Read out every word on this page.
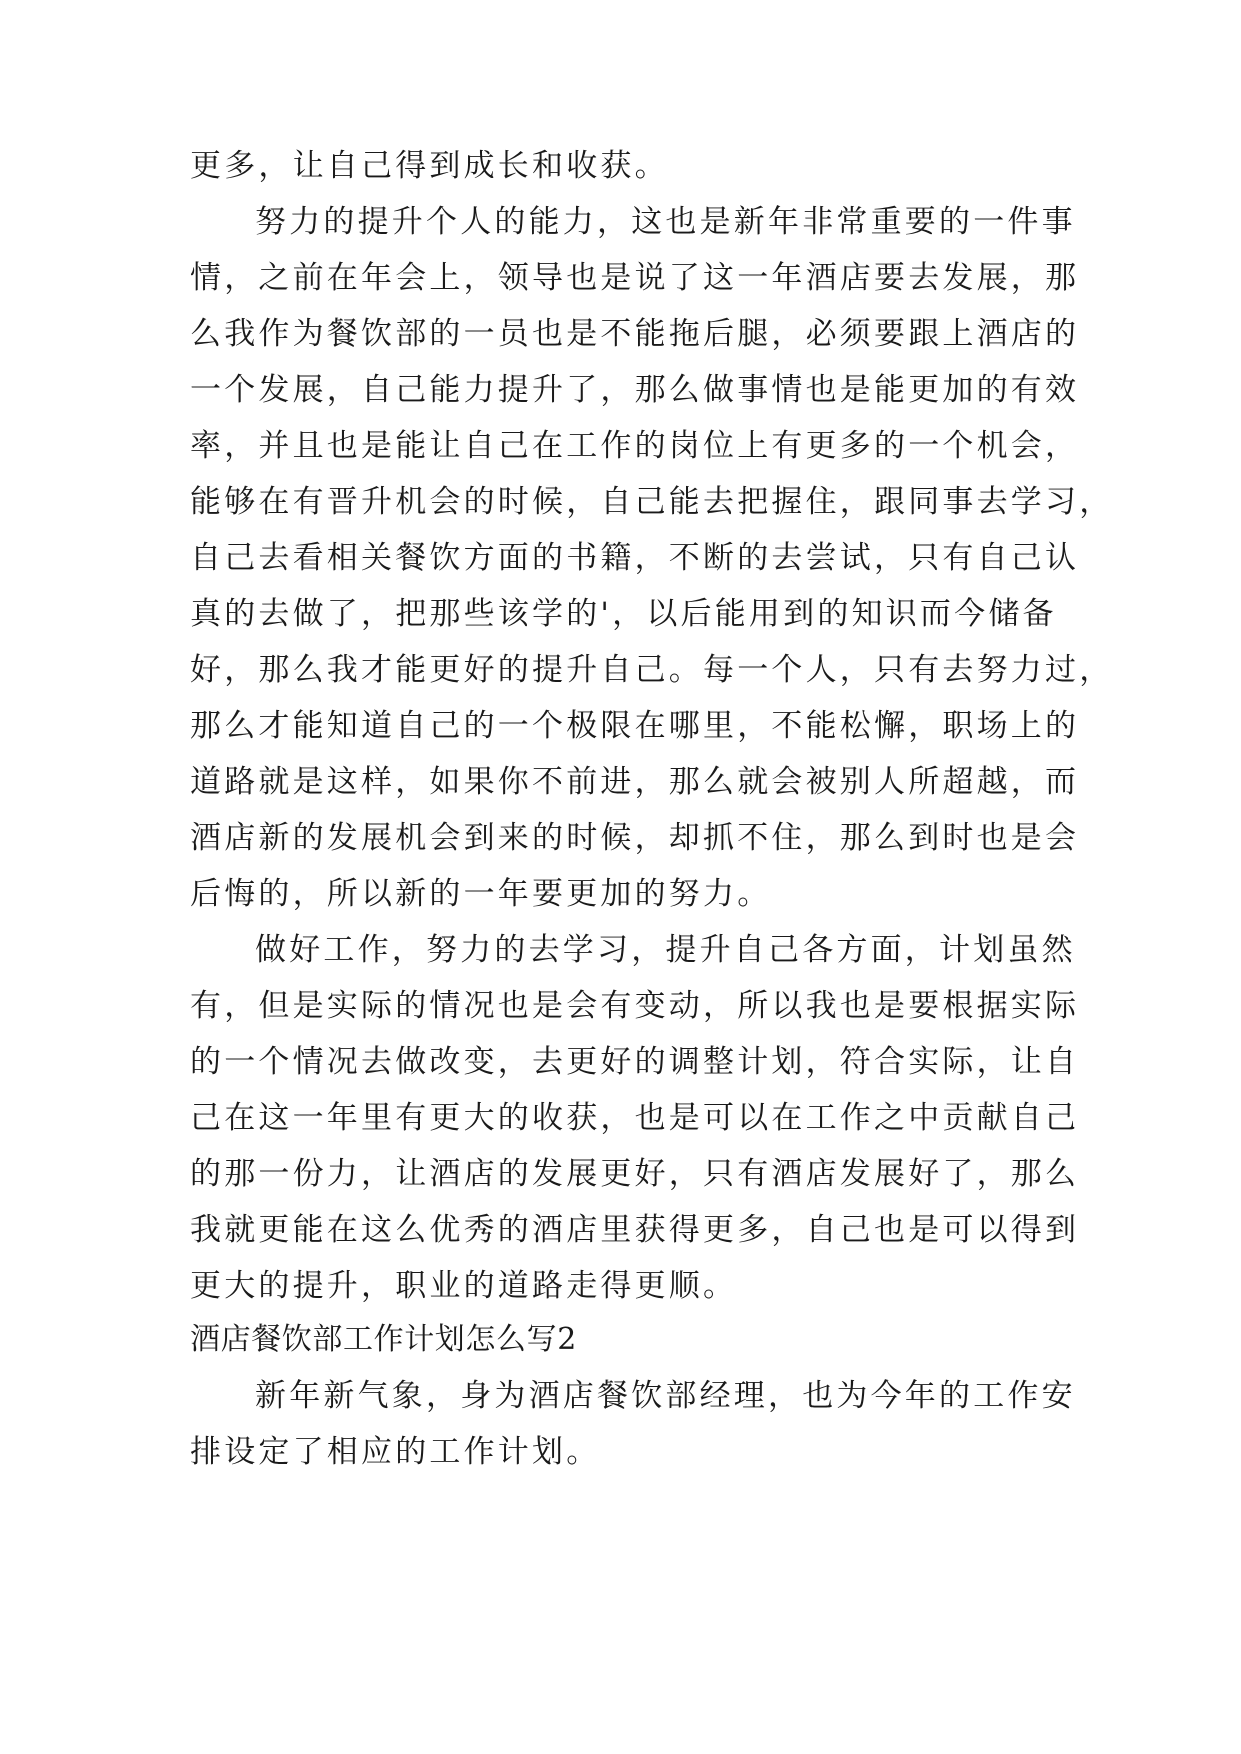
更多，让自己得到成长和收获。
努力的提升个人的能力，这也是新年非常重要的一件事
情，之前在年会上，领导也是说了这一年酒店要去发展，那
么我作为餐饮部的一员也是不能拖后腿，必须要跟上酒店的
一个发展，自己能力提升了，那么做事情也是能更加的有效
率，并且也是能让自己在工作的岗位上有更多的一个机会，
能够在有晋升机会的时候，自己能去把握住，跟同事去学习，
自己去看相关餐饮方面的书籍，不断的去尝试，只有自己认
真的去做了，把那些该学的'，以后能用到的知识而今储备
好，那么我才能更好的提升自己。每一个人，只有去努力过，
那么才能知道自己的一个极限在哪里，不能松懈，职场上的
道路就是这样，如果你不前进，那么就会被别人所超越，而
酒店新的发展机会到来的时候，却抓不住，那么到时也是会
后悔的，所以新的一年要更加的努力。
做好工作，努力的去学习，提升自己各方面，计划虽然
有，但是实际的情况也是会有变动，所以我也是要根据实际
的一个情况去做改变，去更好的调整计划，符合实际，让自
己在这一年里有更大的收获，也是可以在工作之中贡献自己
的那一份力，让酒店的发展更好，只有酒店发展好了，那么
我就更能在这么优秀的酒店里获得更多，自己也是可以得到
更大的提升，职业的道路走得更顺。
酒店餐饮部工作计划怎么写2
新年新气象，身为酒店餐饮部经理，也为今年的工作安
排设定了相应的工作计划。
